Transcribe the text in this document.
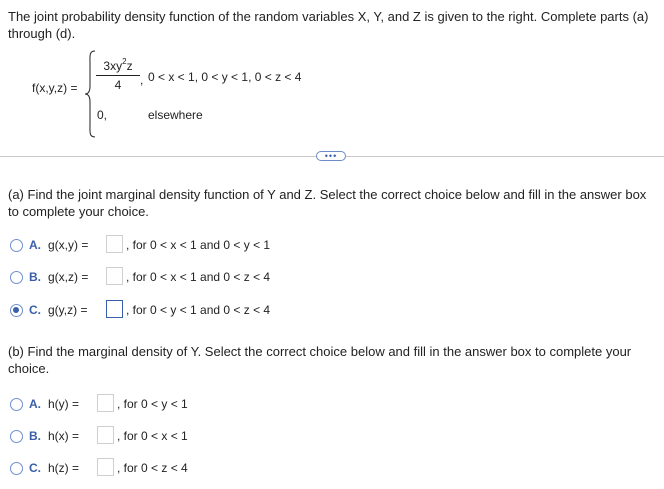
The joint probability density function of the random variables X, Y, and Z is given to the right. Complete parts (a) through (d).
$f(x,y,z) = \frac{3xy^2z}{4}$ , 0 < x < 1, 0 < y < 1, 0 < z < 4
0,	elsewhere
•••
(a) Find the joint marginal density function of Y and Z. Select the correct choice below and fill in the answer box to complete your choice.
A. g(x,y) =	, for 0 < x < 1 and 0 < y < 1
B. g(x,z) =	, for 0 < x < 1 and 0 < z < 4
C. g(y,z) =	, for 0 < y < 1 and 0 < z < 4
(b) Find the marginal density of Y. Select the correct choice below and fill in the answer box to complete your choice.
A. h(y) =	, for 0 < y < 1
B. h(x) =	, for 0 < x < 1
C. h(z) =	, for 0 < z < 4
